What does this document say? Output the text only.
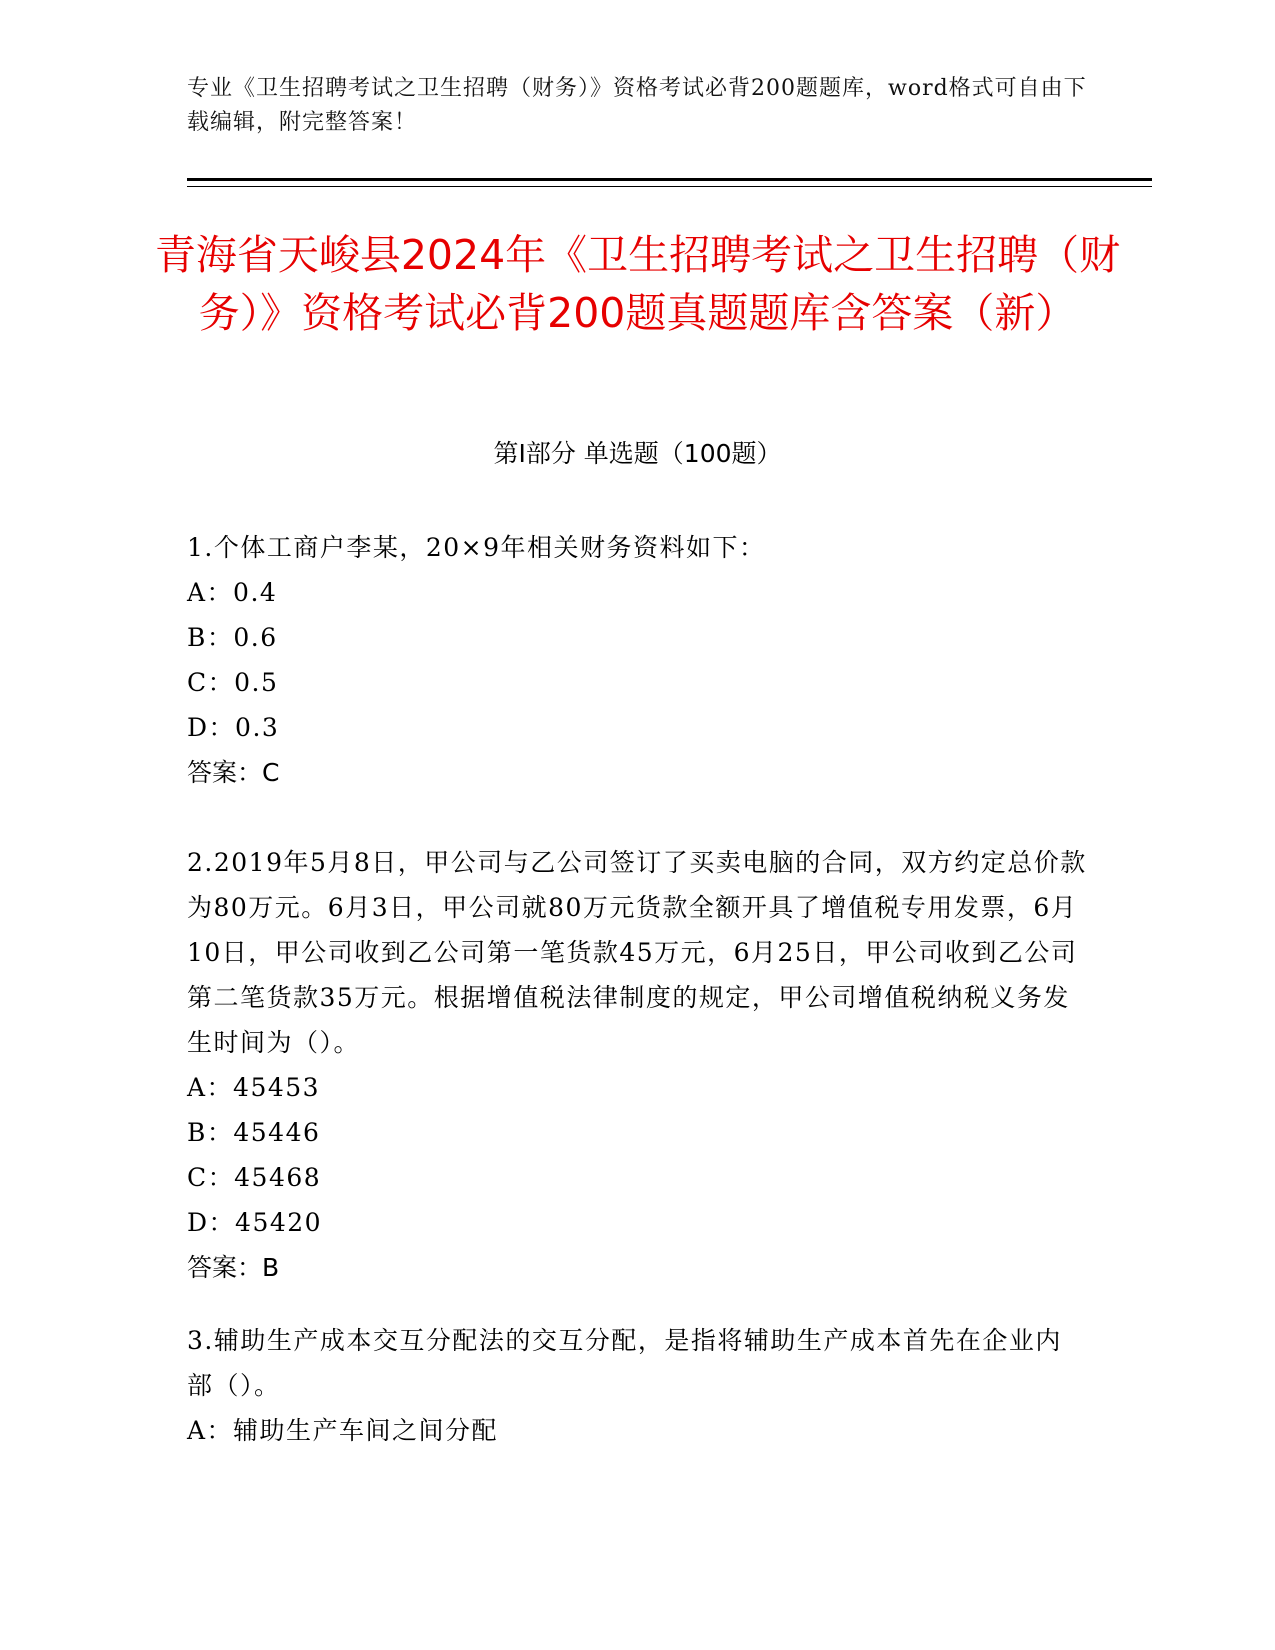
专业《卫生招聘考试之卫生招聘（财务）》资格考试必背200题题库，word格式可自由下载编辑，附完整答案！
青海省天峻县2024年《卫生招聘考试之卫生招聘（财务）》资格考试必背200题真题题库含答案（新）
第Ⅰ部分 单选题（100题）

1.个体工商户李某，20×9年相关财务资料如下：

A：0.4
B：0.6
C：0.5
D：0.3
答案：C

2.2019年5月8日，甲公司与乙公司签订了买卖电脑的合同，双方约定总价款为80万元。6月3日，甲公司就80万元货款全额开具了增值税专用发票，6月10日，甲公司收到乙公司第一笔货款45万元，6月25日，甲公司收到乙公司第二笔货款35万元。根据增值税法律制度的规定，甲公司增值税纳税义务发生时间为（）。

A：45453
B：45446
C：45468
D：45420
答案：B

3.辅助生产成本交互分配法的交互分配，是指将辅助生产成本首先在企业内部（）。

A：辅助生产车间之间分配
